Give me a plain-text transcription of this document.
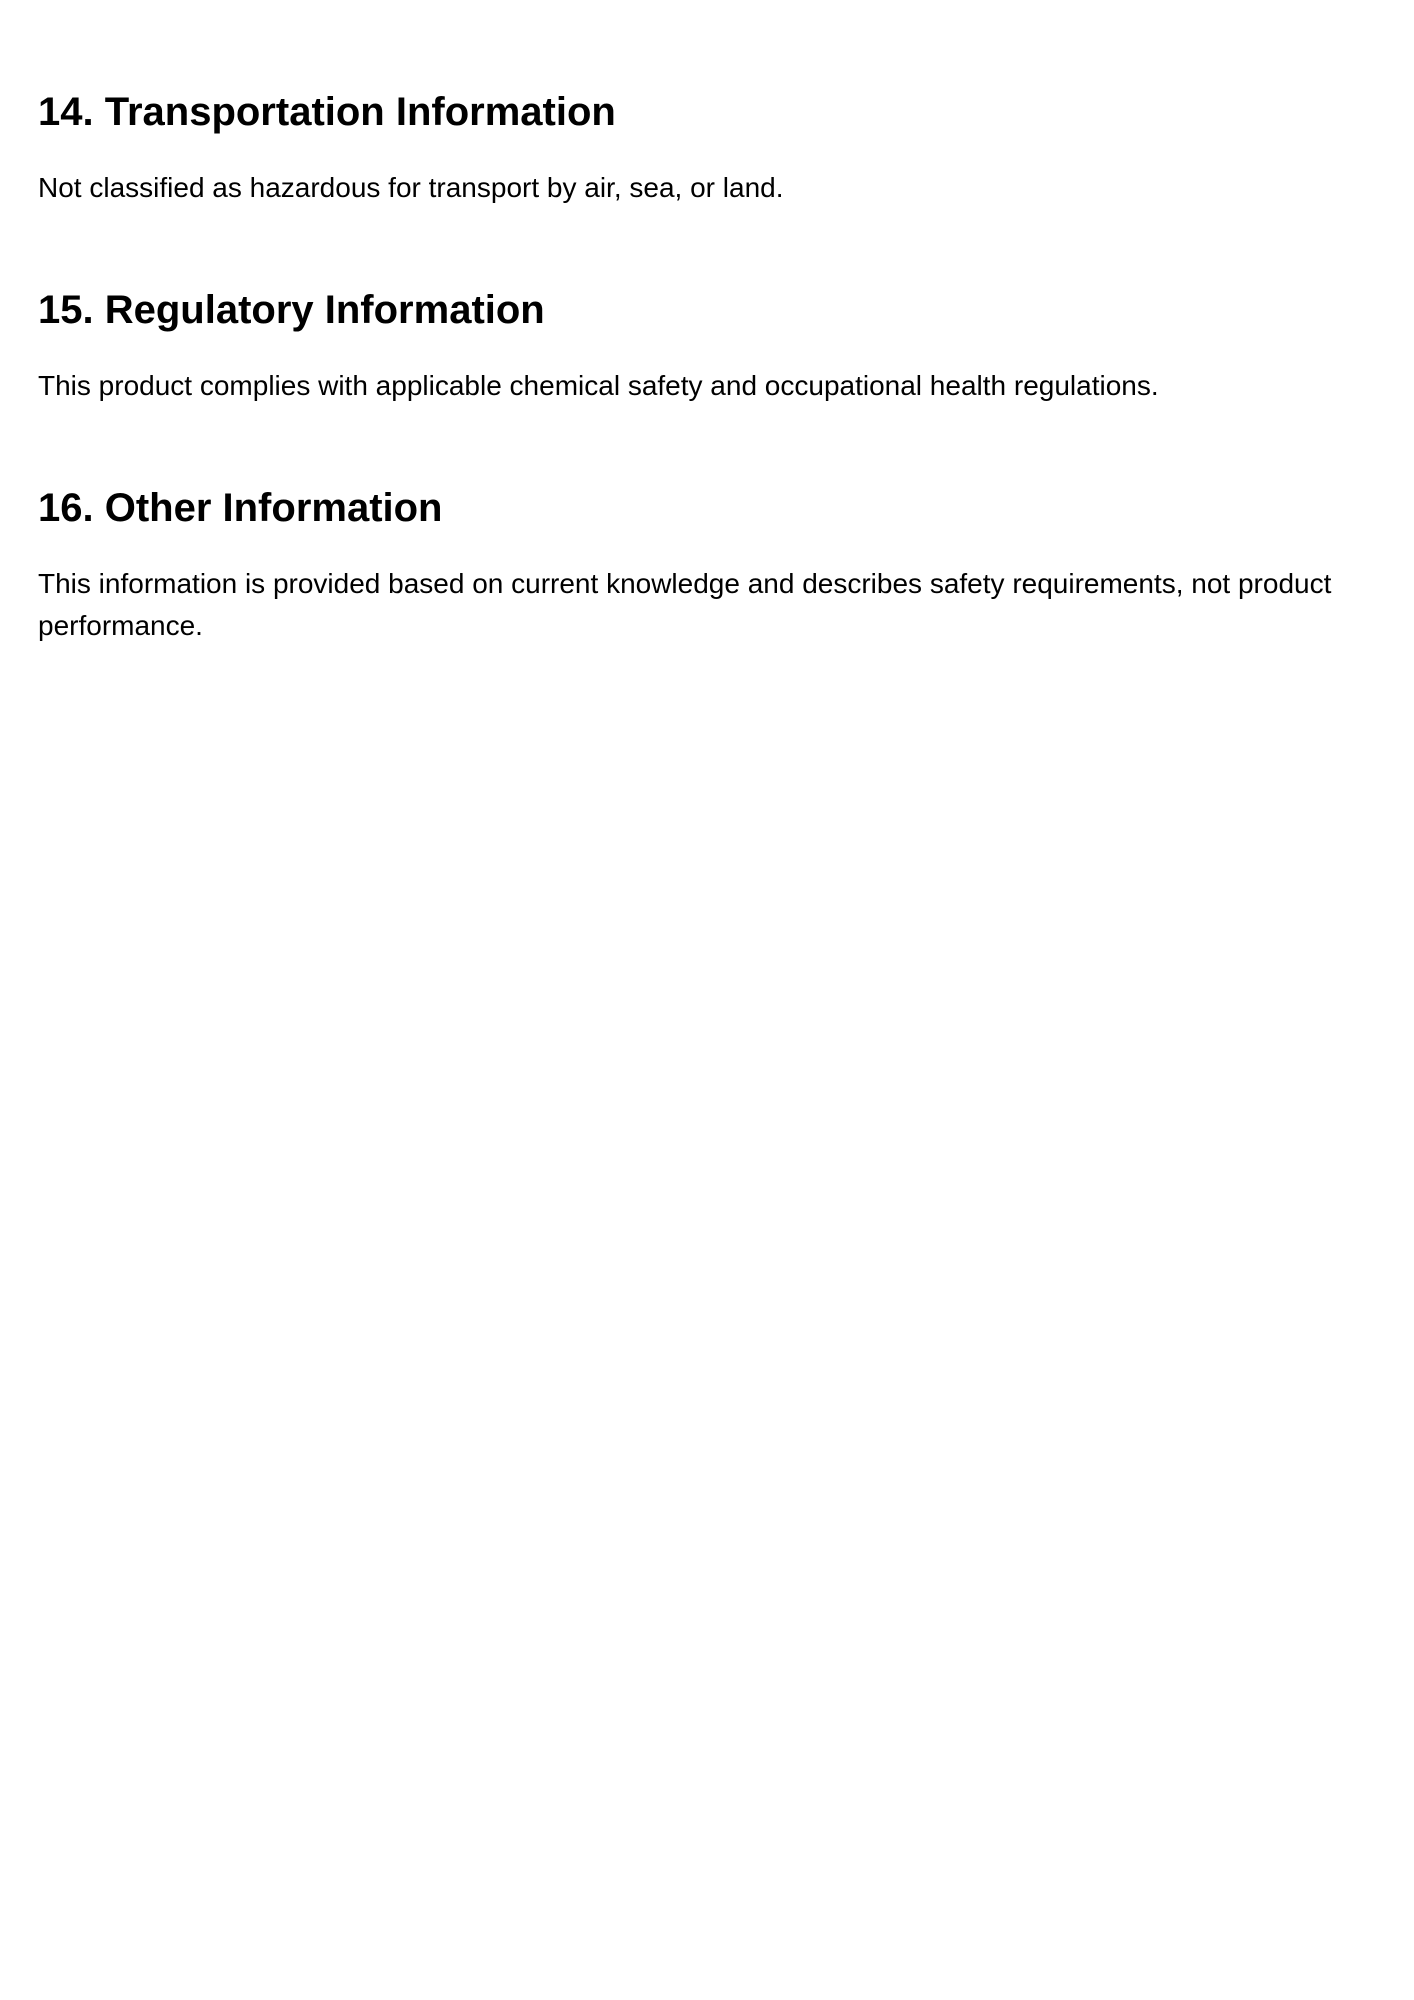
14. Transportation Information

Not classified as hazardous for transport by air, sea, or land.

15. Regulatory Information

This product complies with applicable chemical safety and occupational health regulations.

16. Other Information

This information is provided based on current knowledge and describes safety requirements, not product performance.
